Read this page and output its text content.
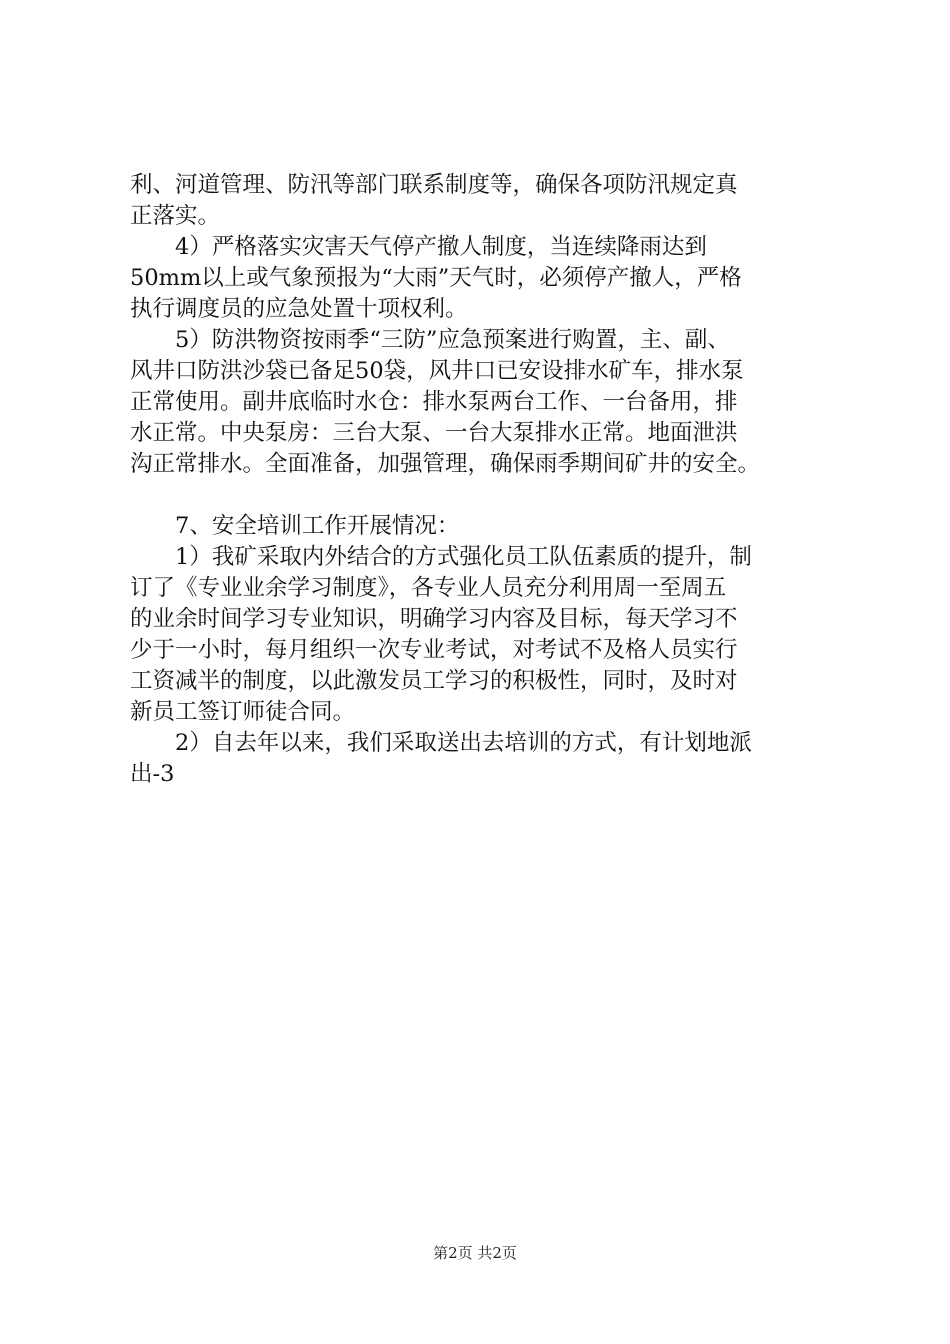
利、河道管理、防汛等部门联系制度等，确保各项防汛规定真
正落实。
　　4）严格落实灾害天气停产撤人制度，当连续降雨达到
50mm以上或气象预报为“大雨”天气时，必须停产撤人，严格
执行调度员的应急处置十项权利。
　　5）防洪物资按雨季“三防”应急预案进行购置，主、副、
风井口防洪沙袋已备足50袋，风井口已安设排水矿车，排水泵
正常使用。副井底临时水仓：排水泵两台工作、一台备用，排
水正常。中央泵房：三台大泵、一台大泵排水正常。地面泄洪
沟正常排水。全面准备，加强管理，确保雨季期间矿井的安全。
　　7、安全培训工作开展情况：
　　1）我矿采取内外结合的方式强化员工队伍素质的提升，制
订了《专业业余学习制度》，各专业人员充分利用周一至周五
的业余时间学习专业知识，明确学习内容及目标，每天学习不
少于一小时，每月组织一次专业考试，对考试不及格人员实行
工资减半的制度，以此激发员工学习的积极性，同时，及时对
新员工签订师徒合同。
　　2）自去年以来，我们采取送出去培训的方式，有计划地派
出-3
第2页 共2页
